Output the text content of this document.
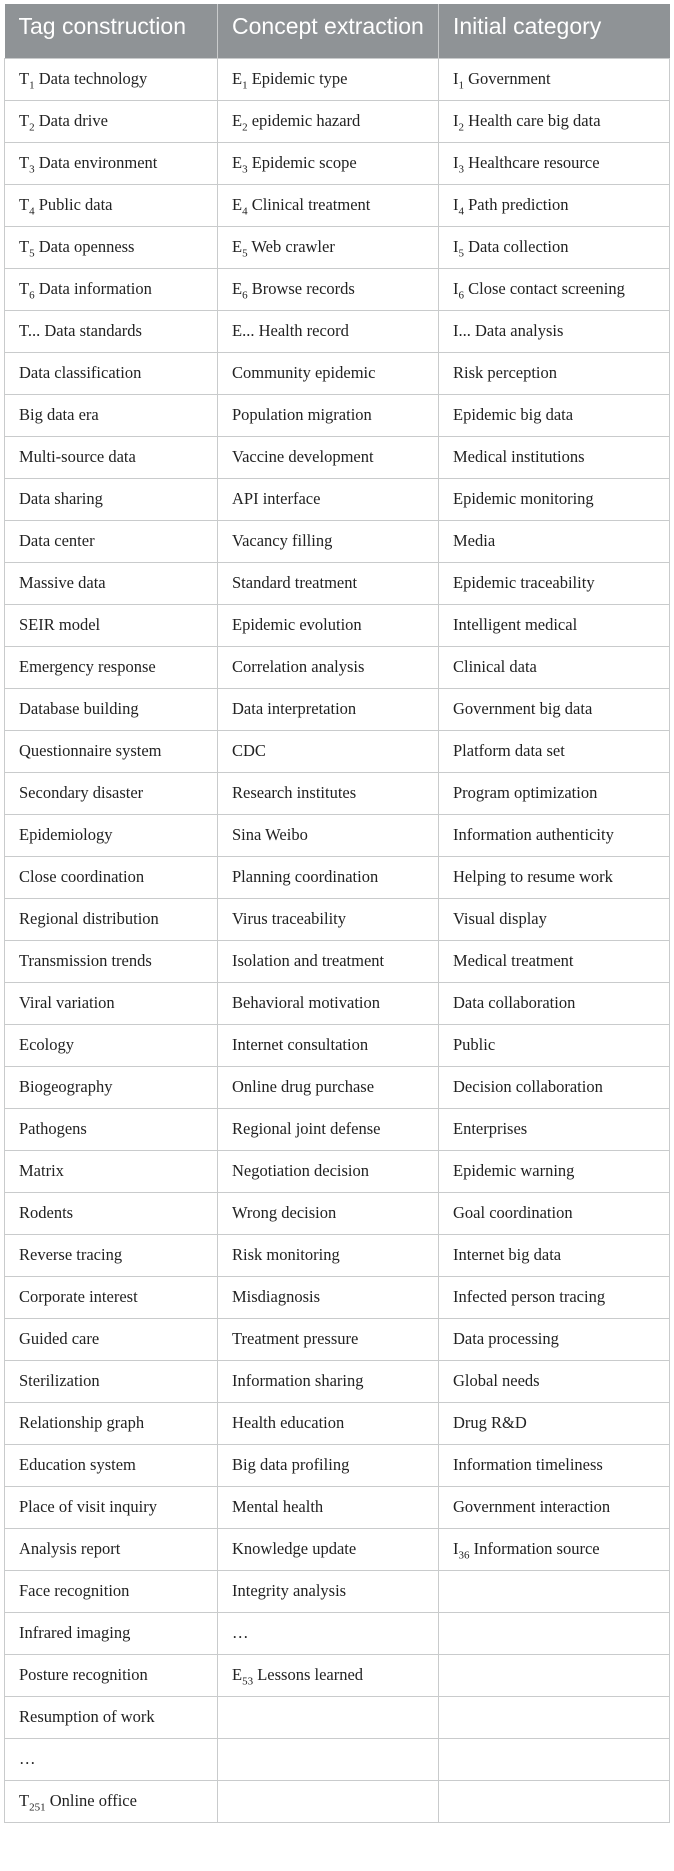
Tag construction	Concept extraction	Initial category
$T_1$ Data technology	$E_1$ Epidemic type	$I_1$ Government
$T_2$ Data drive	$E_2$ epidemic hazard	$I_2$ Health care big data
$T_3$ Data environment	$E_3$ Epidemic scope	$I_3$ Healthcare resource
$T_4$ Public data	$E_4$ Clinical treatment	$I_4$ Path prediction
$T_5$ Data openness	$E_5$ Web crawler	$I_5$ Data collection
$T_6$ Data information	$E_6$ Browse records	$I_6$ Close contact screening
T... Data standards	E... Health record	I... Data analysis
Data classification	Community epidemic	Risk perception
Big data era	Population migration	Epidemic big data
Multi-source data	Vaccine development	Medical institutions
Data sharing	API interface	Epidemic monitoring
Data center	Vacancy filling	Media
Massive data	Standard treatment	Epidemic traceability
SEIR model	Epidemic evolution	Intelligent medical
Emergency response	Correlation analysis	Clinical data
Database building	Data interpretation	Government big data
Questionnaire system	CDC	Platform data set
Secondary disaster	Research institutes	Program optimization
Epidemiology	Sina Weibo	Information authenticity
Close coordination	Planning coordination	Helping to resume work
Regional distribution	Virus traceability	Visual display
Transmission trends	Isolation and treatment	Medical treatment
Viral variation	Behavioral motivation	Data collaboration
Ecology	Internet consultation	Public
Biogeography	Online drug purchase	Decision collaboration
Pathogens	Regional joint defense	Enterprises
Matrix	Negotiation decision	Epidemic warning
Rodents	Wrong decision	Goal coordination
Reverse tracing	Risk monitoring	Internet big data
Corporate interest	Misdiagnosis	Infected person tracing
Guided care	Treatment pressure	Data processing
Sterilization	Information sharing	Global needs
Relationship graph	Health education	Drug R&D
Education system	Big data profiling	Information timeliness
Place of visit inquiry	Mental health	Government interaction
Analysis report	Knowledge update	$I_{36}$ Information source
Face recognition	Integrity analysis	
Infrared imaging	…	
Posture recognition	$E_{53}$ Lessons learned	
Resumption of work		
…		
$T_{251}$ Online office		
